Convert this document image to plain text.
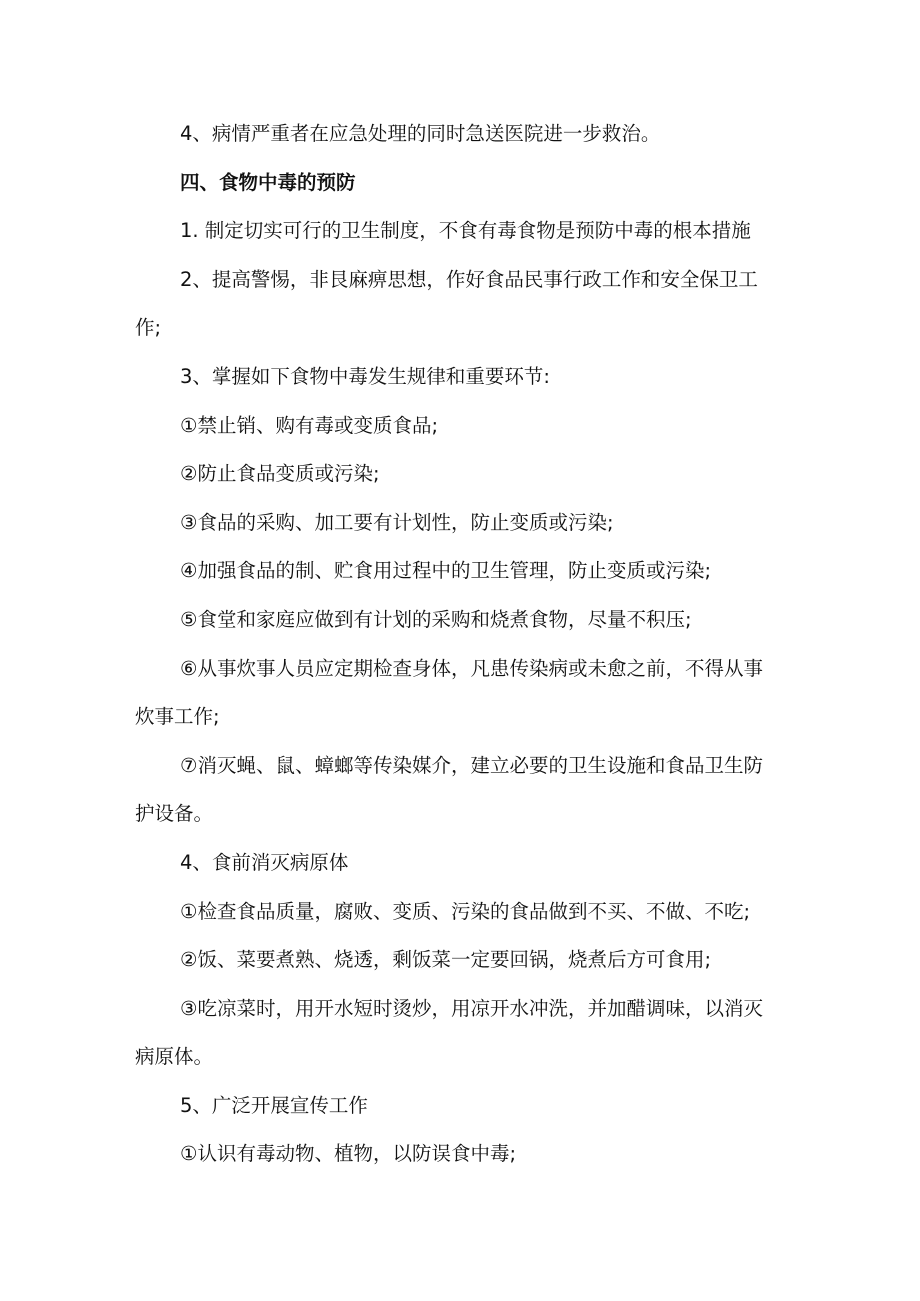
4、病情严重者在应急处理的同时急送医院进一步救治。
四、食物中毒的预防
1. 制定切实可行的卫生制度，不食有毒食物是预防中毒的根本措施
2、提高警惕，非艮麻痹思想，作好食品民事行政工作和安全保卫工
作;
3、掌握如下食物中毒发生规律和重要环节:
①禁止销、购有毒或变质食品;
②防止食品变质或污染;
③食品的采购、加工要有计划性，防止变质或污染;
④加强食品的制、贮食用过程中的卫生管理，防止变质或污染;
⑤食堂和家庭应做到有计划的采购和烧煮食物，尽量不积压;
⑥从事炊事人员应定期检查身体，凡患传染病或未愈之前，不得从事
炊事工作;
⑦消灭蝇、鼠、蟑螂等传染媒介，建立必要的卫生设施和食品卫生防
护设备。
4、食前消灭病原体
①检查食品质量，腐败、变质、污染的食品做到不买、不做、不吃;
②饭、菜要煮熟、烧透，剩饭菜一定要回锅，烧煮后方可食用;
③吃凉菜时，用开水短时烫炒，用凉开水冲洗，并加醋调味，以消灭
病原体。
5、广泛开展宣传工作
①认识有毒动物、植物，以防误食中毒;
